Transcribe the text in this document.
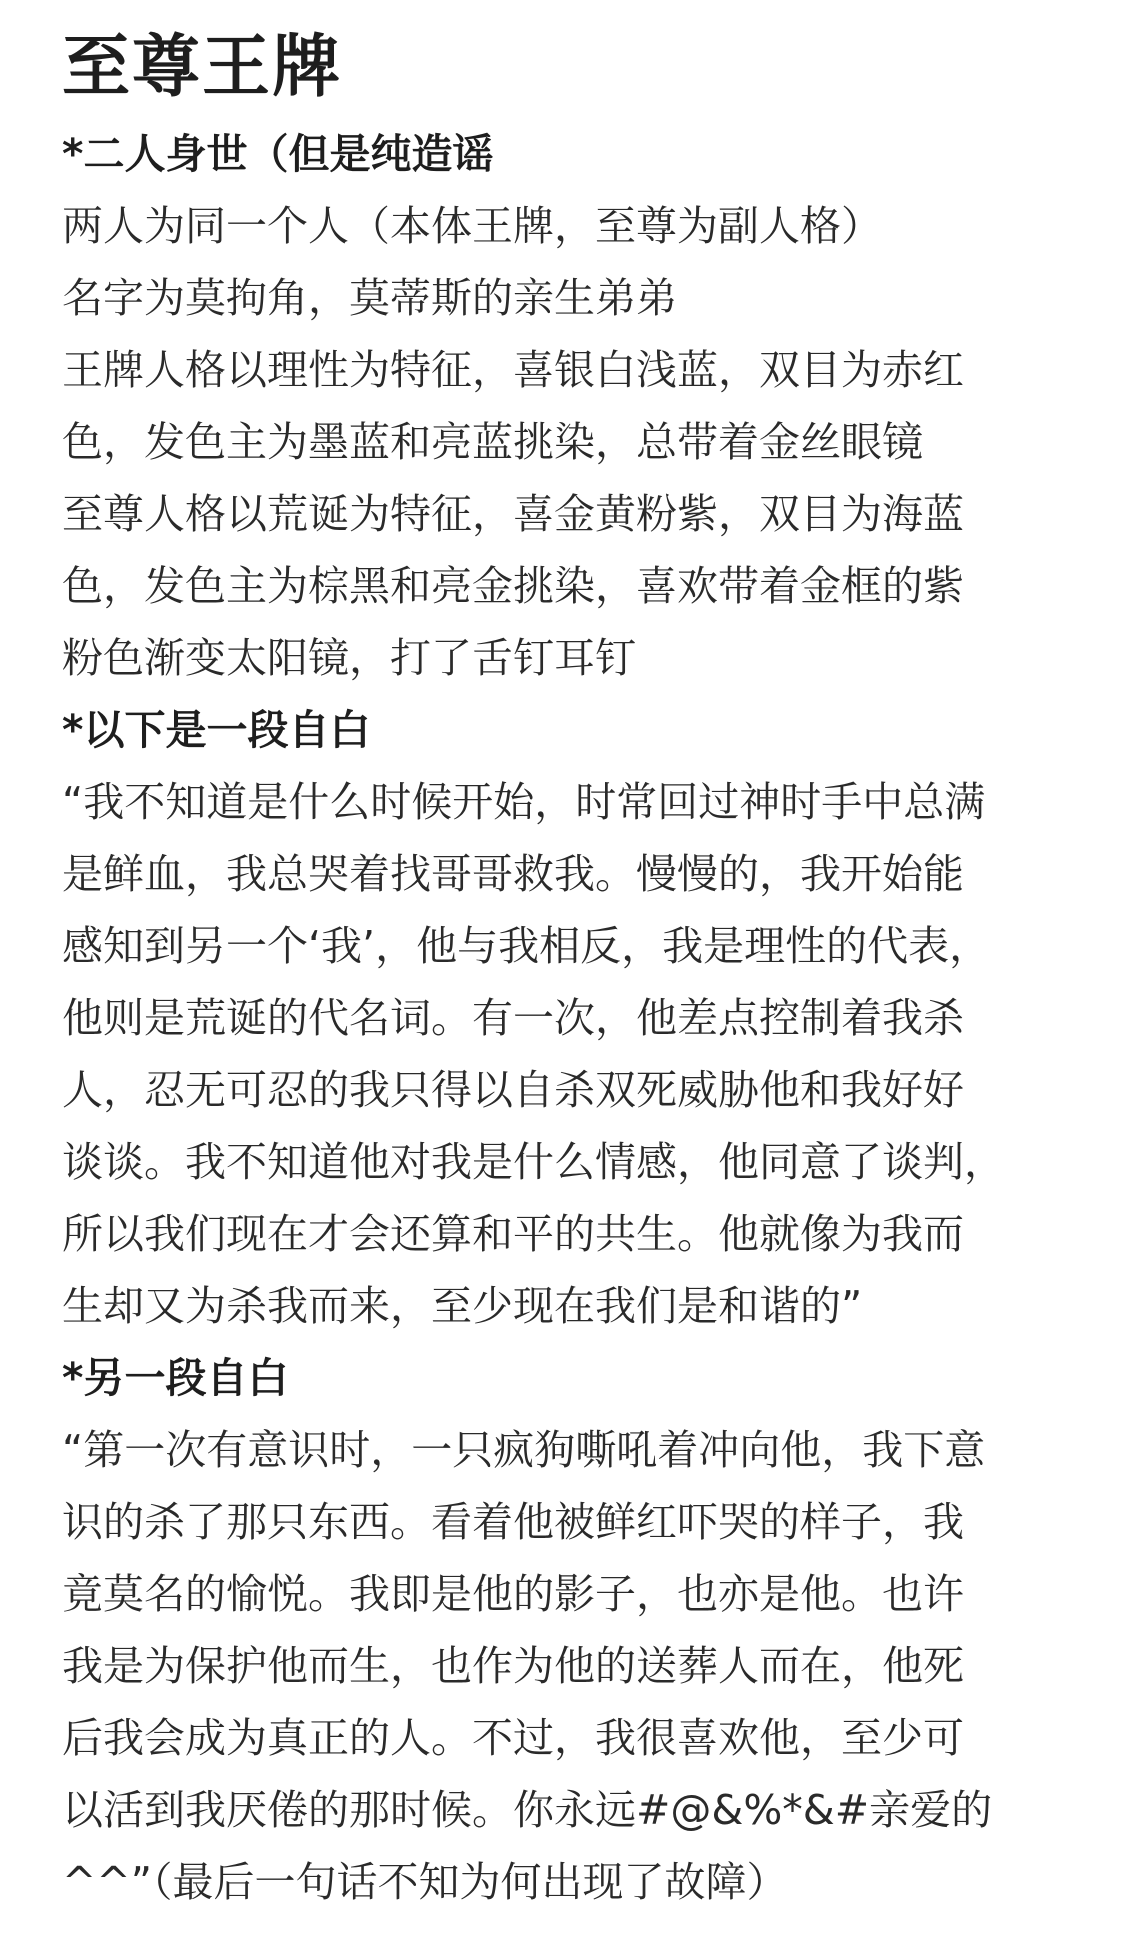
至尊王牌
*二人身世（但是纯造谣
两人为同一个人（本体王牌，至尊为副人格）
名字为莫拘角，莫蒂斯的亲生弟弟
王牌人格以理性为特征，喜银白浅蓝，双目为赤红
色，发色主为墨蓝和亮蓝挑染，总带着金丝眼镜
至尊人格以荒诞为特征，喜金黄粉紫，双目为海蓝
色，发色主为棕黑和亮金挑染，喜欢带着金框的紫
粉色渐变太阳镜，打了舌钉耳钉
*以下是一段自白
“我不知道是什么时候开始，时常回过神时手中总满
是鲜血，我总哭着找哥哥救我。慢慢的，我开始能
感知到另一个‘我’，他与我相反，我是理性的代表，
他则是荒诞的代名词。有一次，他差点控制着我杀
人，忍无可忍的我只得以自杀双死威胁他和我好好
谈谈。我不知道他对我是什么情感，他同意了谈判，
所以我们现在才会还算和平的共生。他就像为我而
生却又为杀我而来，至少现在我们是和谐的”
*另一段自白
“第一次有意识时，一只疯狗嘶吼着冲向他，我下意
识的杀了那只东西。看着他被鲜红吓哭的样子，我
竟莫名的愉悦。我即是他的影子，也亦是他。也许
我是为保护他而生，也作为他的送葬人而在，他死
后我会成为真正的人。不过，我很喜欢他，至少可
以活到我厌倦的那时候。你永远#@&%*&#亲爱的
^^”（最后一句话不知为何出现了故障）
